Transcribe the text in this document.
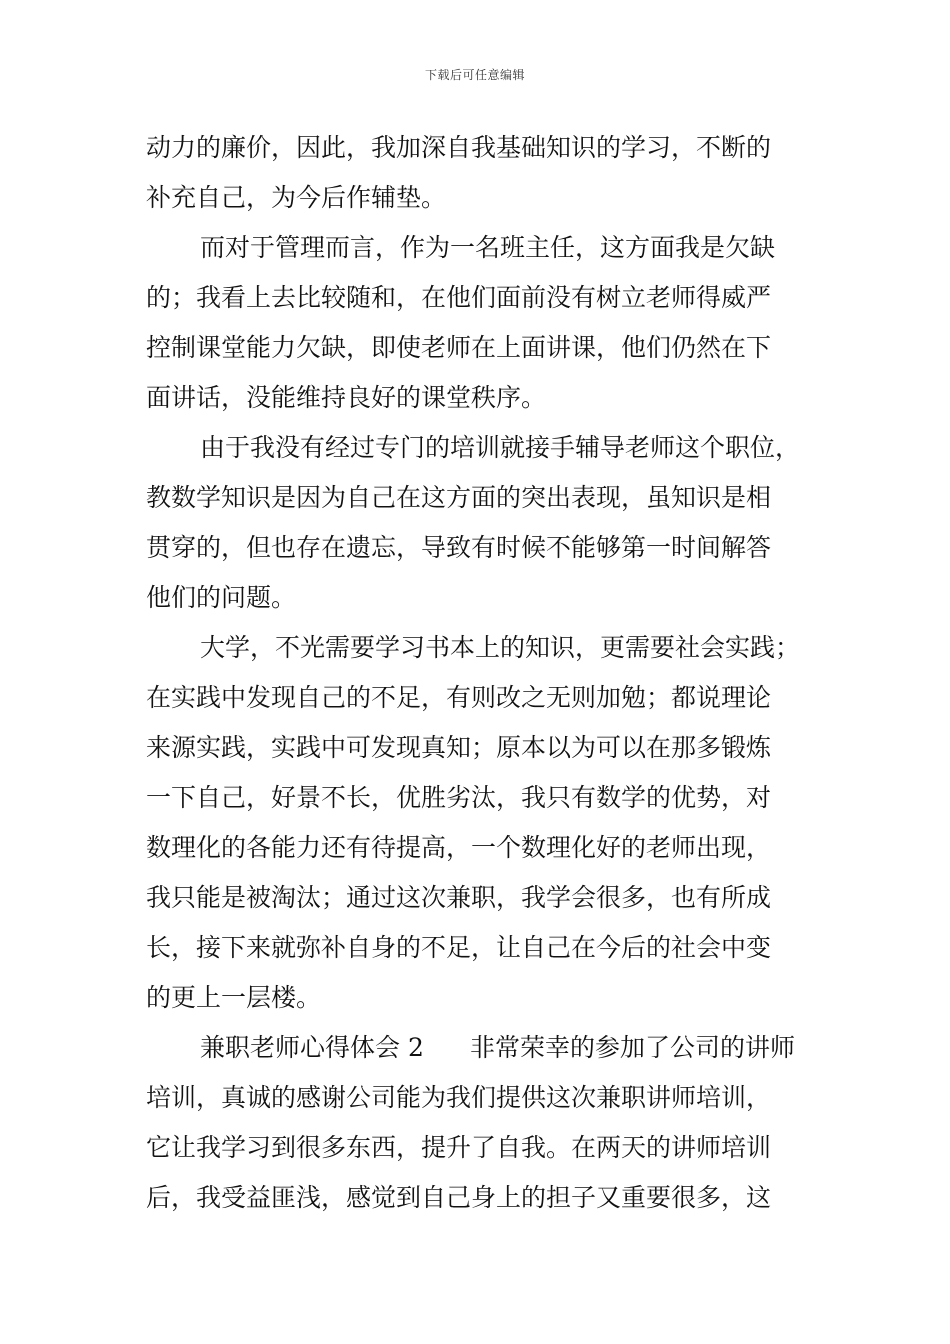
下载后可任意编辑
动力的廉价，因此，我加深自我基础知识的学习，不断的
补充自己，为今后作辅垫。
而对于管理而言，作为一名班主任，这方面我是欠缺
的；我看上去比较随和，在他们面前没有树立老师得威严
控制课堂能力欠缺，即使老师在上面讲课，他们仍然在下
面讲话，没能维持良好的课堂秩序。
由于我没有经过专门的培训就接手辅导老师这个职位，
教数学知识是因为自己在这方面的突出表现，虽知识是相
贯穿的，但也存在遗忘，导致有时候不能够第一时间解答
他们的问题。
大学，不光需要学习书本上的知识，更需要社会实践；
在实践中发现自己的不足，有则改之无则加勉；都说理论
来源实践，实践中可发现真知；原本以为可以在那多锻炼
一下自己，好景不长，优胜劣汰，我只有数学的优势，对
数理化的各能力还有待提高，一个数理化好的老师出现，
我只能是被淘汰；通过这次兼职，我学会很多，也有所成
长，接下来就弥补自身的不足，让自己在今后的社会中变
的更上一层楼。
兼职老师心得体会 2 非常荣幸的参加了公司的讲师
培训，真诚的感谢公司能为我们提供这次兼职讲师培训，
它让我学习到很多东西，提升了自我。在两天的讲师培训
后，我受益匪浅，感觉到自己身上的担子又重要很多，这
